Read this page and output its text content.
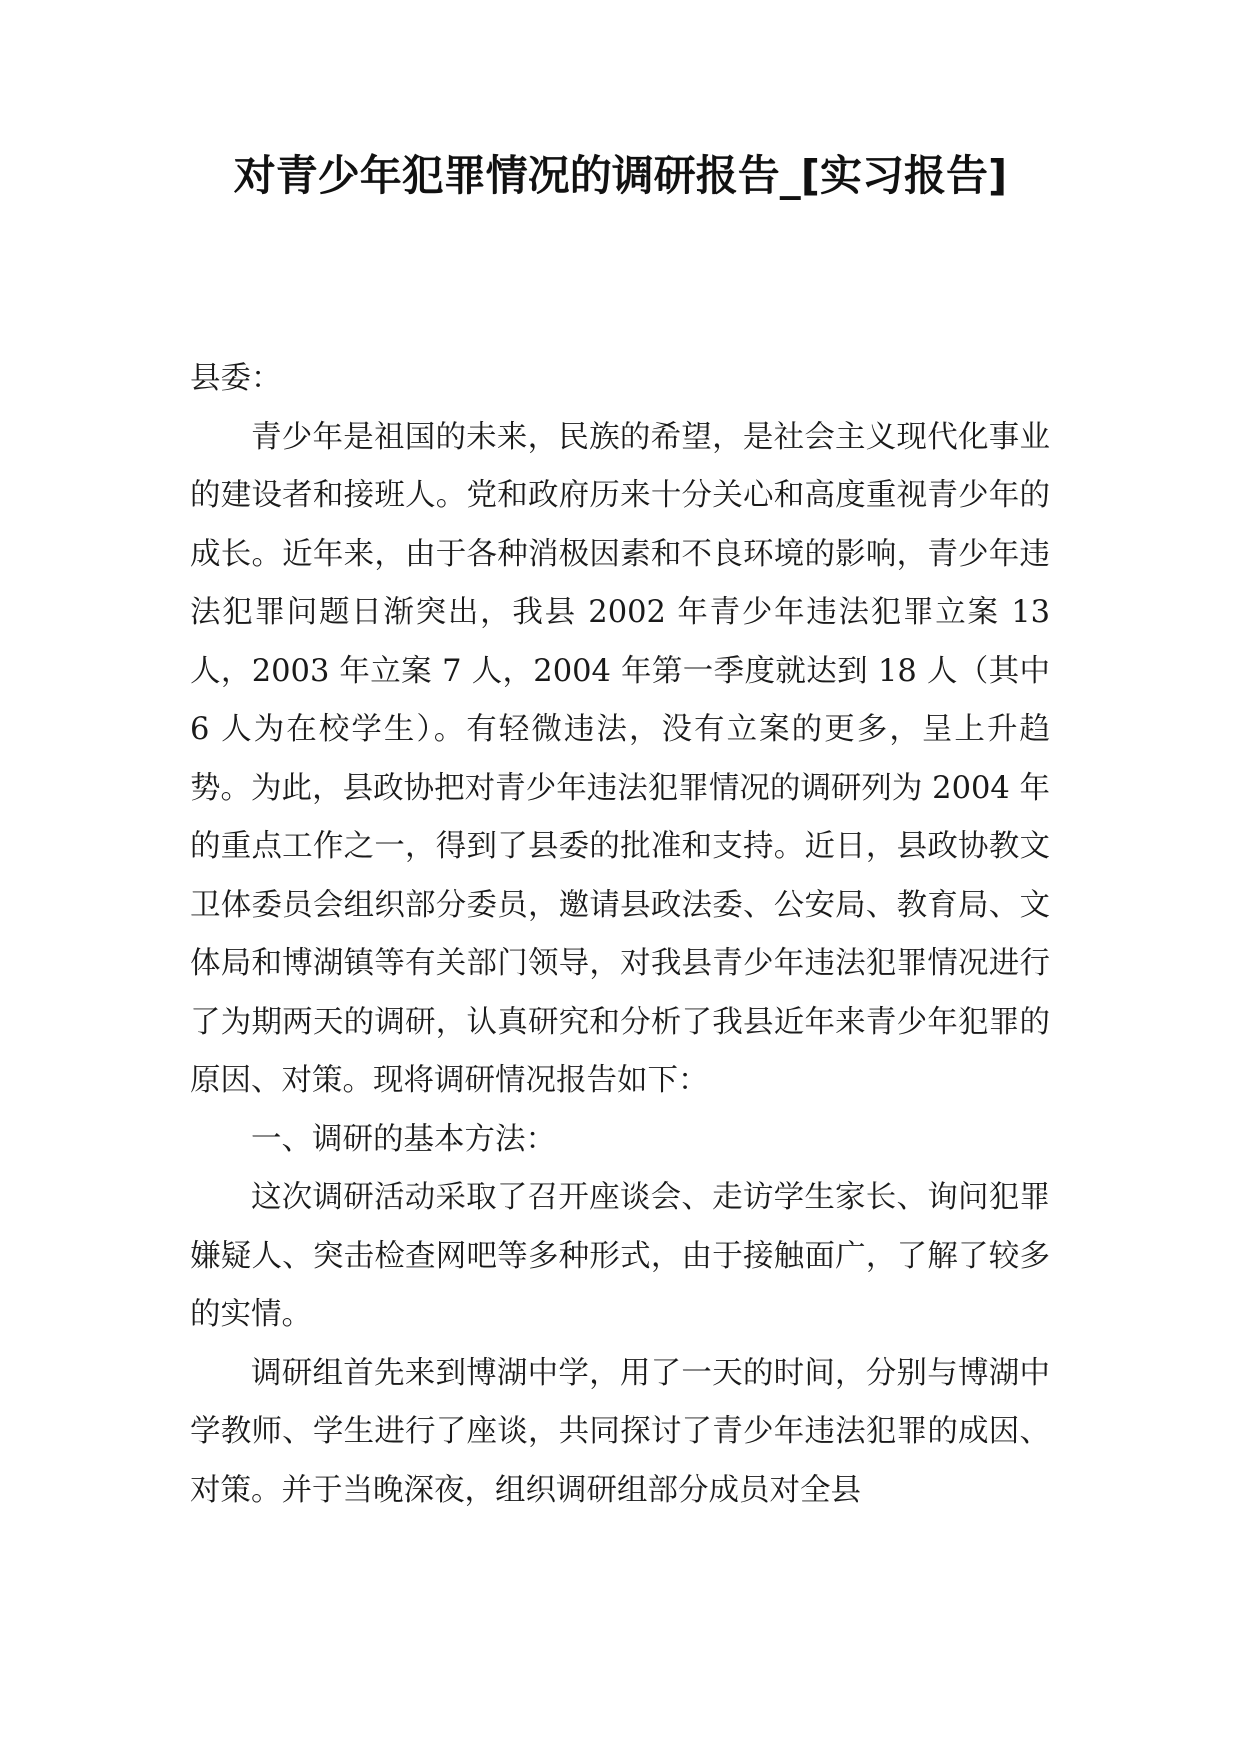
对青少年犯罪情况的调研报告_[实习报告]

县委：

青少年是祖国的未来，民族的希望，是社会主义现代化事业的建设者和接班人。党和政府历来十分关心和高度重视青少年的成长。近年来，由于各种消极因素和不良环境的影响，青少年违法犯罪问题日渐突出，我县 2002 年青少年违法犯罪立案 13 人，2003 年立案 7 人，2004 年第一季度就达到 18 人（其中 6 人为在校学生）。有轻微违法，没有立案的更多，呈上升趋势。为此，县政协把对青少年违法犯罪情况的调研列为 2004 年的重点工作之一，得到了县委的批准和支持。近日，县政协教文卫体委员会组织部分委员，邀请县政法委、公安局、教育局、文体局和博湖镇等有关部门领导，对我县青少年违法犯罪情况进行了为期两天的调研，认真研究和分析了我县近年来青少年犯罪的原因、对策。现将调研情况报告如下：

一、调研的基本方法：

这次调研活动采取了召开座谈会、走访学生家长、询问犯罪嫌疑人、突击检查网吧等多种形式，由于接触面广，了解了较多的实情。

调研组首先来到博湖中学，用了一天的时间，分别与博湖中学教师、学生进行了座谈，共同探讨了青少年违法犯罪的成因、对策。并于当晚深夜，组织调研组部分成员对全县
